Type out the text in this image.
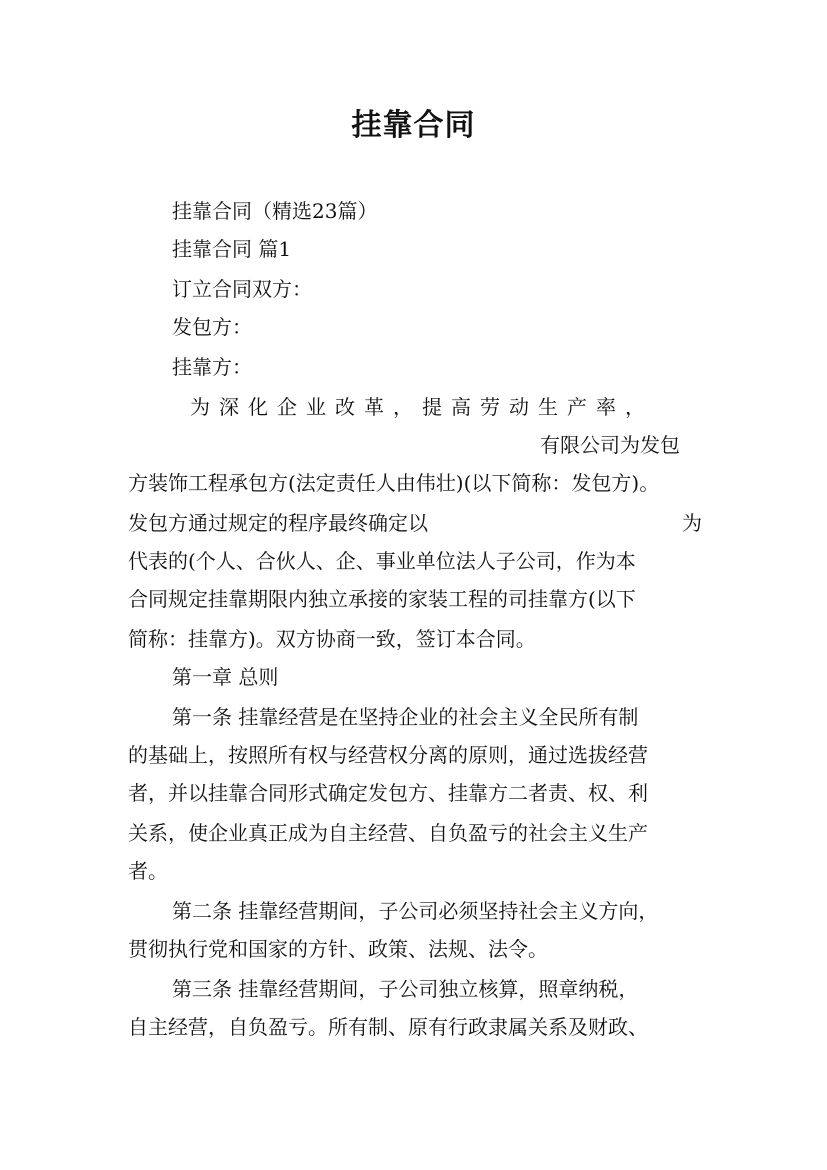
挂靠合同
挂靠合同（精选23篇）
挂靠合同 篇1
订立合同双方：
发包方：
挂靠方：
为深化企业改革，提高劳动生产率，
有限公司为发包
方装饰工程承包方(法定责任人由伟壮)(以下简称：发包方)。
发包方通过规定的程序最终确定以	为
代表的(个人、合伙人、企、事业单位法人子公司，作为本
合同规定挂靠期限内独立承接的家装工程的司挂靠方(以下
简称：挂靠方)。双方协商一致，签订本合同。
第一章 总则
第一条 挂靠经营是在坚持企业的社会主义全民所有制
的基础上，按照所有权与经营权分离的原则，通过选拔经营
者，并以挂靠合同形式确定发包方、挂靠方二者责、权、利
关系，使企业真正成为自主经营、自负盈亏的社会主义生产
者。
第二条 挂靠经营期间，子公司必须坚持社会主义方向，
贯彻执行党和国家的方针、政策、法规、法令。
第三条 挂靠经营期间，子公司独立核算，照章纳税，
自主经营，自负盈亏。所有制、原有行政隶属关系及财政、
